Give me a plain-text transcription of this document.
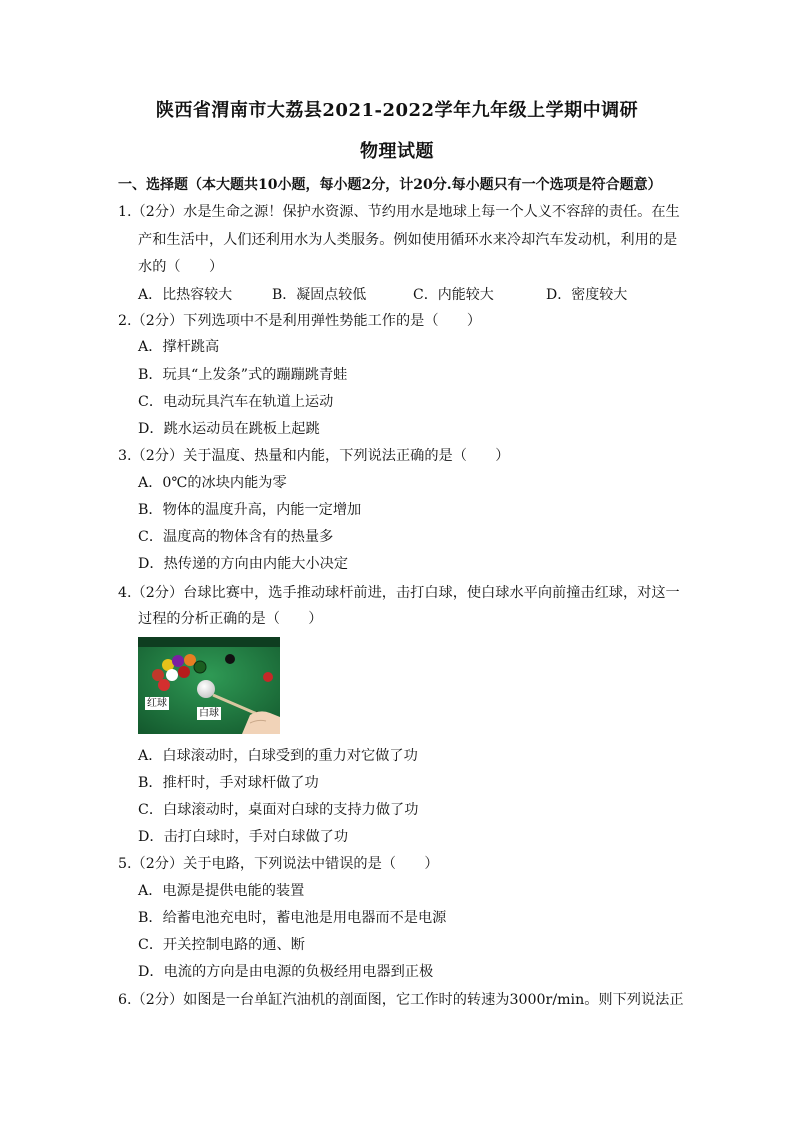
陕西省渭南市大荔县2021-2022学年九年级上学期中调研
物理试题
一、选择题（本大题共10小题，每小题2分，计20分.每小题只有一个选项是符合题意）
1.（2分）水是生命之源！保护水资源、节约用水是地球上每一个人义不容辞的责任。在生
产和生活中，人们还利用水为人类服务。例如使用循环水来冷却汽车发动机，利用的是
水的（　　）
A．比热容较大	B．凝固点较低	C．内能较大	D．密度较大
2.（2分）下列选项中不是利用弹性势能工作的是（　　）
A．撑杆跳高
B．玩具“上发条”式的蹦蹦跳青蛙
C．电动玩具汽车在轨道上运动
D．跳水运动员在跳板上起跳
3.（2分）关于温度、热量和内能，下列说法正确的是（　　）
A．0℃的冰块内能为零
B．物体的温度升高，内能一定增加
C．温度高的物体含有的热量多
D．热传递的方向由内能大小决定
4.（2分）台球比赛中，选手推动球杆前进，击打白球，使白球水平向前撞击红球，对这一
过程的分析正确的是（　　）
红球
白球
A．白球滚动时，白球受到的重力对它做了功
B．推杆时，手对球杆做了功
C．白球滚动时，桌面对白球的支持力做了功
D．击打白球时，手对白球做了功
5.（2分）关于电路，下列说法中错误的是（　　）
A．电源是提供电能的装置
B．给蓄电池充电时，蓄电池是用电器而不是电源
C．开关控制电路的通、断
D．电流的方向是由电源的负极经用电器到正极
6.（2分）如图是一台单缸汽油机的剖面图，它工作时的转速为3000r/min。则下列说法正
